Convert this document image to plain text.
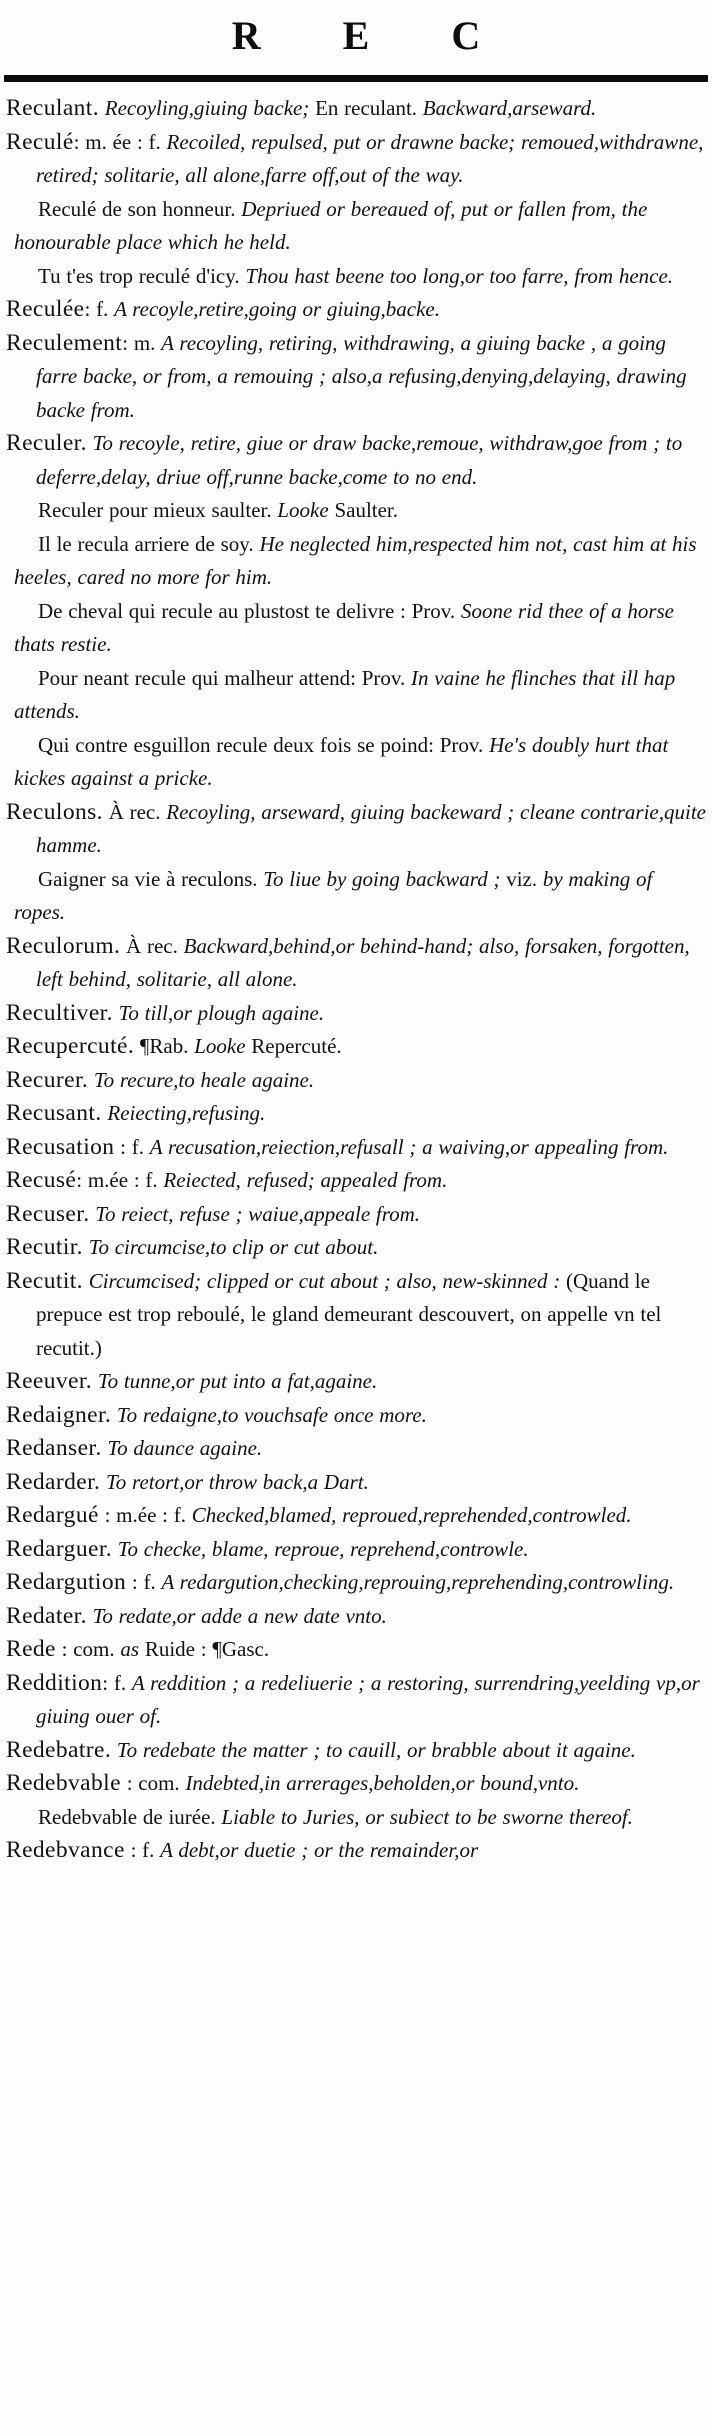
R E C

Reculant. Recoyling,giuing backe; En reculant. Backward,arseward.

Reculé: m. ée : f. Recoiled, repulsed, put or drawne backe; remoued,withdrawne, retired; solitarie, all alone,farre off,out of the way.

Reculé de son honneur. Depriued or bereaued of, put or fallen from, the honourable place which he held.

Tu t'es trop reculé d'icy. Thou hast beene too long,or too farre, from hence.

Reculée: f. A recoyle,retire,going or giuing,backe.

Reculement: m. A recoyling, retiring, withdrawing, a giuing backe , a going farre backe, or from, a remouing ; also,a refusing,denying,delaying, drawing backe from.

Reculer. To recoyle, retire, giue or draw backe,remoue, withdraw,goe from ; to deferre,delay, driue off,runne backe,come to no end.

Reculer pour mieux saulter. Looke Saulter.

Il le recula arriere de soy. He neglected him,respected him not, cast him at his heeles, cared no more for him.

De cheval qui recule au plustost te delivre : Prov. Soone rid thee of a horse thats restie.

Pour neant recule qui malheur attend: Prov. In vaine he flinches that ill hap attends.

Qui contre esguillon recule deux fois se poind: Prov. He's doubly hurt that kickes against a pricke.

Reculons. À rec. Recoyling, arseward, giuing backeward ; cleane contrarie,quite hamme.

Gaigner sa vie à reculons. To liue by going backward ; viz. by making of ropes.

Reculorum. À rec. Backward,behind,or behind-hand; also, forsaken, forgotten, left behind, solitarie, all alone.

Recultiver. To till,or plough againe.

Recupercuté. ¶Rab. Looke Repercuté.

Recurer. To recure,to heale againe.

Recusant. Reiecting,refusing.

Recusation : f. A recusation,reiection,refusall ; a waiving,or appealing from.

Recusé: m.ée : f. Reiected, refused; appealed from.

Recuser. To reiect, refuse ; waiue,appeale from.

Recutir. To circumcise,to clip or cut about.

Recutit. Circumcised; clipped or cut about ; also, new-skinned : (Quand le prepuce est trop reboulé, le gland demeurant descouvert, on appelle vn tel recutit.)

Reeuver. To tunne,or put into a fat,againe.

Redaigner. To redaigne,to vouchsafe once more.

Redanser. To daunce againe.

Redarder. To retort,or throw back,a Dart.

Redargué : m.ée : f. Checked,blamed, reproued,reprehended,controwled.

Redarguer. To checke, blame, reproue, reprehend,controwle.

Redargution : f. A redargution,checking,reprouing,reprehending,controwling.

Redater. To redate,or adde a new date vnto.

Rede : com. as Ruide : ¶Gasc.

Reddition: f. A reddition ; a redeliuerie ; a restoring, surrendring,yeelding vp,or giuing ouer of.

Redebatre. To redebate the matter ; to cauill, or brabble about it againe.

Redebvable : com. Indebted,in arrerages,beholden,or bound,vnto.

Redebvable de iurée. Liable to Juries, or subiect to be sworne thereof.

Redebvance : f. A debt,or duetie ; or the remainder,or
